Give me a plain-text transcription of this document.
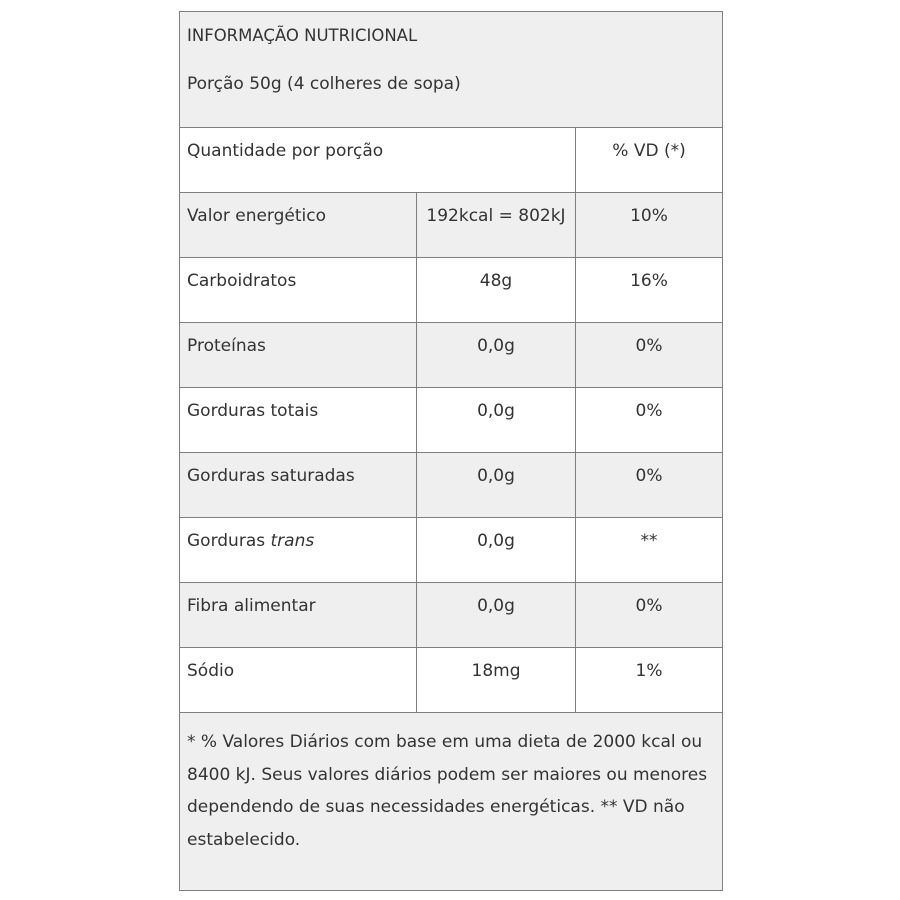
INFORMAÇÃO NUTRICIONAL
Porção 50g (4 colheres de sopa)		

Quantidade por porção		% VD (*)
Valor energético	192kcal = 802kJ	10%
Carboidratos	48g	16%
Proteínas	0,0g	0%
Gorduras totais	0,0g	0%
Gorduras saturadas	0,0g	0%
Gorduras trans	0,0g	**
Fibra alimentar	0,0g	0%
Sódio	18mg	1%
* % Valores Diários com base em uma dieta de 2000 kcal ou 8400 kJ. Seus valores diários podem ser maiores ou menores dependendo de suas necessidades energéticas. ** VD não estabelecido.		
